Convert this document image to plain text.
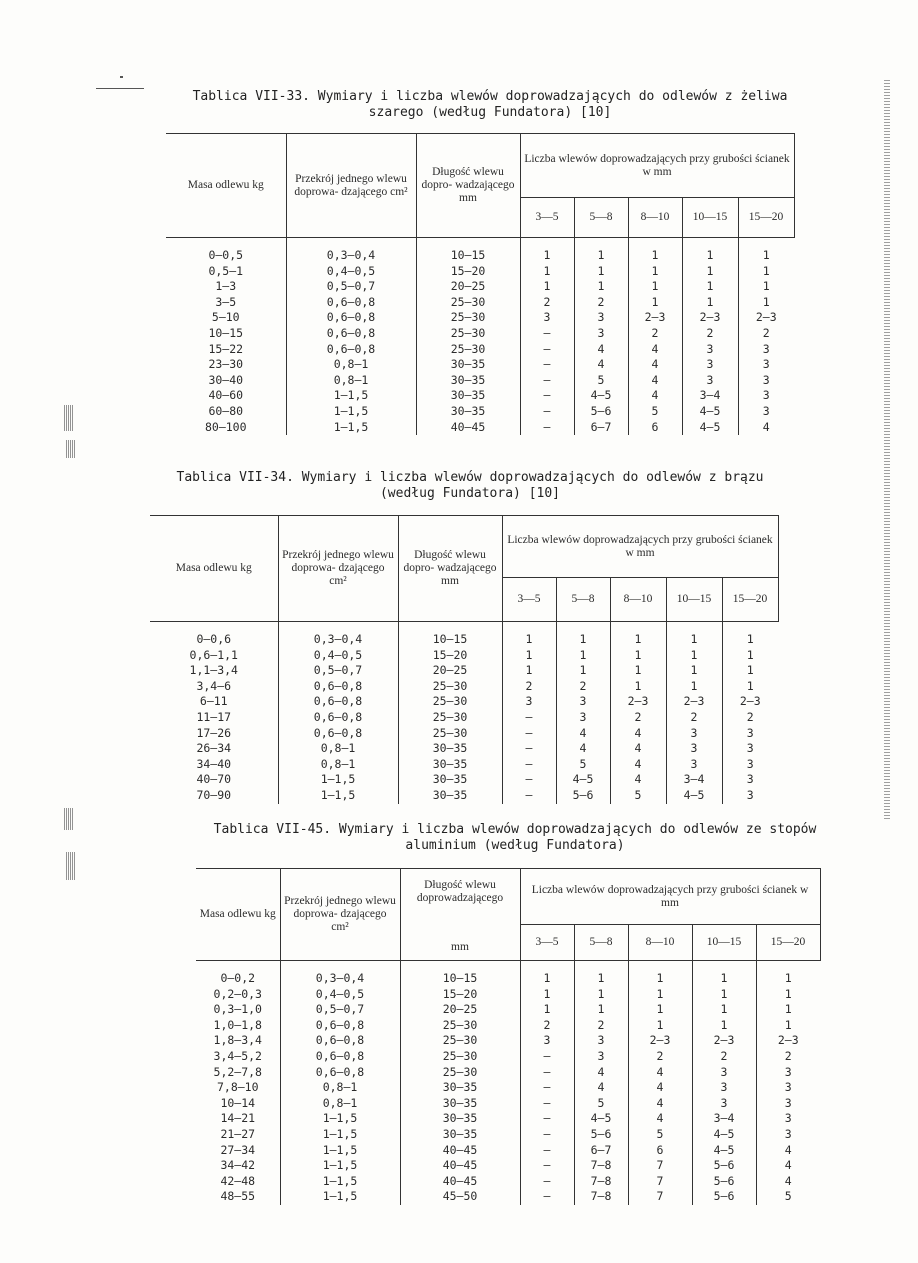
Tablica VII-33. Wymiary i liczba wlewów doprowadzających do odlewów z żeliwa
szarego (według Fundatora) [10]
Masa odlewu kg	Przekrój jednego wlewu doprowa- dzającego cm²	Długość wlewu dopro- wadzającego mm	Liczba wlewów doprowadzających przy grubości ścianek w mm				
			3—5	5—8	8—10	10—15	15—20

0—0,5	0,3—0,4	10—15	1	1	1	1	1
0,5—1	0,4—0,5	15—20	1	1	1	1	1
1—3	0,5—0,7	20—25	1	1	1	1	1
3—5	0,6—0,8	25—30	2	2	1	1	1
5—10	0,6—0,8	25—30	3	3	2—3	2—3	2—3
10—15	0,6—0,8	25—30	—	3	2	2	2
15—22	0,6—0,8	25—30	—	4	4	3	3
23—30	0,8—1	30—35	—	4	4	3	3
30—40	0,8—1	30—35	—	5	4	3	3
40—60	1—1,5	30—35	—	4—5	4	3—4	3
60—80	1—1,5	30—35	—	5—6	5	4—5	3
80—100	1—1,5	40—45	—	6—7	6	4—5	4
Tablica VII-34. Wymiary i liczba wlewów doprowadzających do odlewów z brązu
(według Fundatora) [10]
Masa odlewu kg	Przekrój jednego wlewu doprowa- dzającego cm²	Długość wlewu dopro- wadzającego mm	Liczba wlewów doprowadzających przy grubości ścianek w mm				
			3—5	5—8	8—10	10—15	15—20

0—0,6	0,3—0,4	10—15	1	1	1	1	1
0,6—1,1	0,4—0,5	15—20	1	1	1	1	1
1,1—3,4	0,5—0,7	20—25	1	1	1	1	1
3,4—6	0,6—0,8	25—30	2	2	1	1	1
6—11	0,6—0,8	25—30	3	3	2—3	2—3	2—3
11—17	0,6—0,8	25—30	—	3	2	2	2
17—26	0,6—0,8	25—30	—	4	4	3	3
26—34	0,8—1	30—35	—	4	4	3	3
34—40	0,8—1	30—35	—	5	4	3	3
40—70	1—1,5	30—35	—	4—5	4	3—4	3
70—90	1—1,5	30—35	—	5—6	5	4—5	3
Tablica VII-45. Wymiary i liczba wlewów doprowadzających do odlewów ze stopów
aluminium (według Fundatora)
Masa odlewu kg	Przekrój jednego wlewu doprowa- dzającego cm²	Długość wlewu doprowadzającego
mm	Liczba wlewów doprowadzających przy grubości ścianek w mm				
			3—5	5—8	8—10	10—15	15—20

0—0,2	0,3—0,4	10—15	1	1	1	1	1
0,2—0,3	0,4—0,5	15—20	1	1	1	1	1
0,3—1,0	0,5—0,7	20—25	1	1	1	1	1
1,0—1,8	0,6—0,8	25—30	2	2	1	1	1
1,8—3,4	0,6—0,8	25—30	3	3	2—3	2—3	2—3
3,4—5,2	0,6—0,8	25—30	—	3	2	2	2
5,2—7,8	0,6—0,8	25—30	—	4	4	3	3
7,8—10	0,8—1	30—35	—	4	4	3	3
10—14	0,8—1	30—35	—	5	4	3	3
14—21	1—1,5	30—35	—	4—5	4	3—4	3
21—27	1—1,5	30—35	—	5—6	5	4—5	3
27—34	1—1,5	40—45	—	6—7	6	4—5	4
34—42	1—1,5	40—45	—	7—8	7	5—6	4
42—48	1—1,5	40—45	—	7—8	7	5—6	4
48—55	1—1,5	45—50	—	7—8	7	5—6	5
